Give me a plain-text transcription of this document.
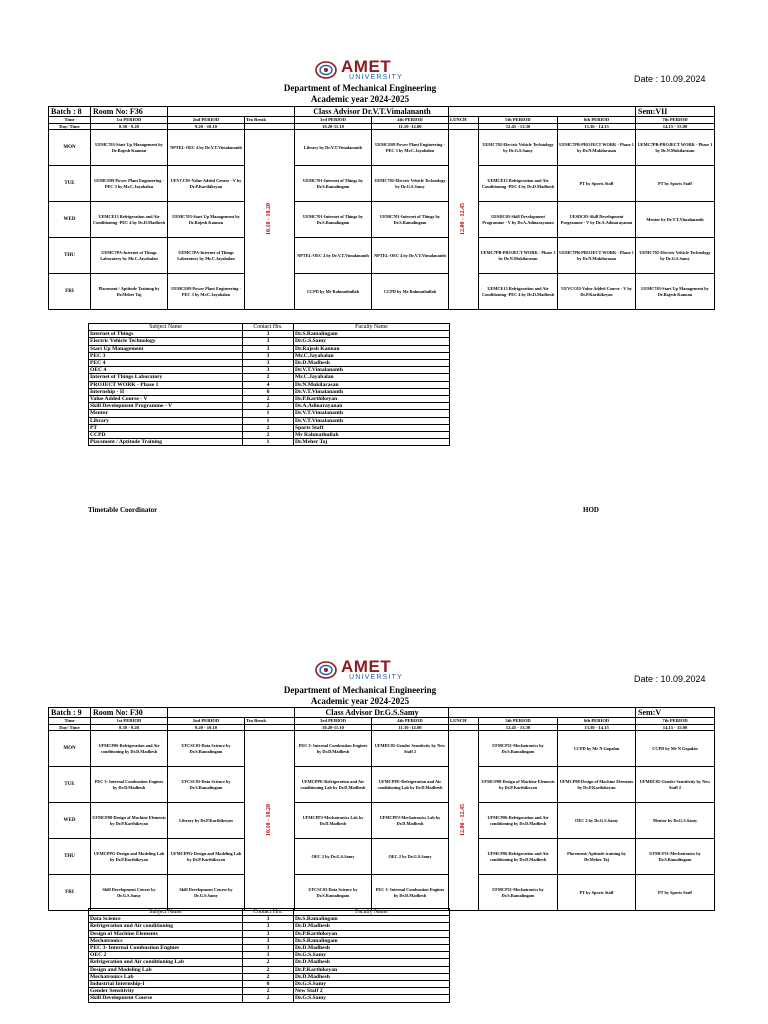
AMET
UNIVERSITY	Date : 10.09.2024
Department of Mechanical Engineering
Academic year 2024-2025
Batch : 8	Room No: F36			Class Advisor Dr.V.T.Vimalananth					Sem:VII
Time	1st PERIOD	2nd PERIOD	Tea Break	3rd PERIOD	4th PERIOD	LUNCH	5th PERIOD	6th PERIOD	7th PERIOD
Day/ Time	8.30 - 9.20	9.20 - 10.10		10.20-11.10	11.10 -12.00		12.45 - 13.30	13.30 - 14.15	14.15 - 15.00
MON	UEMC703-Start Up Management by Dr.Rajesh Kannan	NPTEL-OEC 4 by Dr.V.T.Vimalananth	10.10 - 10.20	Library by Dr.V.T.Vimalananth	UEMCE09 Power Plant Engineering -PEC 3 by Mr.C.Jayabalan	12.00 - 12.45	UEMC702-Electric Vehicle Technology by Dr.G.S.Samy	UEMC7PB-PROJECT WORK - Phase 1 by Dr.N.Mukilarasan	UEMC7PB-PROJECT WORK - Phase 1 by Dr.N.Mukilarasan
TUE	UEMCE09 Power Plant Engineering -PEC 3 by Mr.C.Jayabalan	UEVCC05-Value Added Course - V by Dr.P.Karthikeyan		UEMC701-Internet of Things by Dr.S.Ramalingam	UEMC702-Electric Vehicle Technology by Dr.G.S.Samy		UEMCE13 Refrigeration and Air Conditioning -PEC 4 by Dr.D.Madhesh	PT by Sports Staff	PT by Sports Staff
WED	UEMCE13 Refrigeration and Air Conditioning -PEC 4 by Dr.D.Madhesh	UEMC703-Start Up Management by Dr.Rajesh Kannan		UEMC701-Internet of Things by Dr.S.Ramalingam	UEMC701-Internet of Things by Dr.S.Ramalingam		UESDC05-Skill Development Programme - V by Dr.A.Adinarayanan	UESDC05-Skill Development Programme - V by Dr.A.Adinarayanan	Mentor by Dr.V.T.Vimalananth
THU	UEMC7PA-Internet of Things Laboratory by Mr.C.Jayabalan	UEMC7PA-Internet of Things Laboratory by Mr.C.Jayabalan		NPTEL-OEC 4 by Dr.V.T.Vimalananth	NPTEL-OEC 4 by Dr.V.T.Vimalananth		UEMC7PB-PROJECT WORK - Phase 1 by Dr.N.Mukilarasan	UEMC7PB-PROJECT WORK - Phase 1 by Dr.N.Mukilarasan	UEMC702-Electric Vehicle Technology by Dr.G.S.Samy
FRI	Placement / Aptitude Training by Dr.Meher Taj	UEMCE09 Power Plant Engineering -PEC 3 by Mr.C.Jayabalan		CCPD by Mr Rahmathullah	CCPD by Mr Rahmathullah		UEMCE13 Refrigeration and Air Conditioning -PEC 4 by Dr.D.Madhesh	UEVCC05-Value Added Course - V by Dr.P.Karthikeyan	UEMC703-Start Up Management by Dr.Rajesh Kannan
Subject Name	Contact Hrs.	Faculty Name
Internet of Things	3	Dr.S.Ramalingam
Electric Vehicle Technology	3	Dr.G.S.Samy
Start Up Management	3	Dr.Rajesh Kannan
PEC 3	3	Mr.C.Jayabalan
PEC 4	3	Dr.D.Madhesh
OEC 4	3	Dr.V.T.Vimalananth
Internet of Things Laboratory	2	Mr.C.Jayabalan
PROJECT WORK - Phase 1	4	Dr.N.Mukilarasan
Internship - II	0	Dr.V.T.Vimalananth
Value Added Course - V	2	Dr.P.Karthikeyan
Skill Development Programme - V	2	Dr.A.Adinarayanan
Mentor	1	Dr.V.T.Vimalananth
Library	1	Dr.V.T.Vimalananth
PT	2	Sports Staff
CCPD	2	Mr Rahmathullah
Placement / Aptitude Training	1	Dr.Meher Taj
Timetable Coordinator	HOD
AMET
UNIVERSITY	Date : 10.09.2024
Department of Mechanical Engineering
Academic year 2024-2025
Batch : 9	Room No: F30			Class Advisor Dr.G.S.Samy					Sem:V
Time	1st PERIOD	2nd PERIOD	Tea Break	3rd PERIOD	4th PERIOD	LUNCH	5th PERIOD	6th PERIOD	7th PERIOD
Day/ Time	8.30 - 9.20	9.20 - 10.10		10.20-11.10	11.10 -12.00		12.45 - 13.30	13.30 - 14.15	14.15 - 15.00
MON	UFMCP06-Refrigeration and Air conditioning by Dr.D.Madhesh	UFCSC03-Data Science by Dr.S.Ramalingam	10.10 - 10.20	PEC 3- Internal Combustion Engines by Dr.D.Madhesh	UFMDC05-Gender Sensitivity by New Staff 2	12.00 - 12.45	UFMCP11-Mechatronics by Dr.S.Ramalingam	CCPD by Mr N Gopalan	CCPD by Mr N Gopalan
TUE	PEC 3- Internal Combustion Engines by Dr.D.Madhesh	UFCSC03-Data Science by Dr.S.Ramalingam		UFMCPPE-Refrigeration and Air conditioning Lab by Dr.D.Madhesh	UFMCPPE-Refrigeration and Air conditioning Lab by Dr.D.Madhesh		UFMCP08-Design of Machine Elements by Dr.P.Karthikeyan	UFMCP08-Design of Machine Elements by Dr.P.Karthikeyan	UFMDC05-Gender Sensitivity by New Staff 2
WED	UFMCP08-Design of Machine Elements by Dr.P.Karthikeyan	Library by Dr.P.Karthikeyan		UFMCPPJ-Mechatronics Lab by Dr.D.Madhesh	UFMCPPJ-Mechatronics Lab by Dr.D.Madhesh		UFMCP06-Refrigeration and Air conditioning by Dr.D.Madhesh	OEC 2 by Dr.G.S.Samy	Mentor by Dr.G.S.Samy
THU	UFMCPPG-Design and Modeling Lab by Dr.P.Karthikeyan	UFMCPPG-Design and Modeling Lab by Dr.P.Karthikeyan		OEC 2 by Dr.G.S.Samy	OEC 2 by Dr.G.S.Samy		UFMCP06-Refrigeration and Air conditioning by Dr.D.Madhesh	Placement/ Aptitude training by Dr.Meher Taj	UFMCP11-Mechatronics by Dr.S.Ramalingam
FRI	Skill Development Course by Dr.G.S.Samy	Skill Development Course by Dr.G.S.Samy		UFCSC03-Data Science by Dr.S.Ramalingam	PEC 3- Internal Combustion Engines by Dr.D.Madhesh		UFMCP11-Mechatronics by Dr.S.Ramalingam	PT by Sports Staff	PT by Sports Staff
Subject Name	Contact Hrs.	Faculty Name
Data Science	3	Dr.S.Ramalingam
Refrigeration and Air conditioning	3	Dr.D.Madhesh
Design of Machine Elements	3	Dr.P.Karthikeyan
Mechatronics	3	Dr.S.Ramalingam
PEC 3- Internal Combustion Engines	3	Dr.D.Madhesh
OEC 2	3	Dr.G.S.Samy
Refrigeration and Air conditioning Lab	2	Dr.D.Madhesh
Design and Modeling Lab	2	Dr.P.Karthikeyan
Mechatronics Lab	2	Dr.D.Madhesh
Industrial Internship-I	0	Dr.G.S.Samy
Gender Sensitivity	2	New Staff 2
Skill Development Course	2	Dr.G.S.Samy
